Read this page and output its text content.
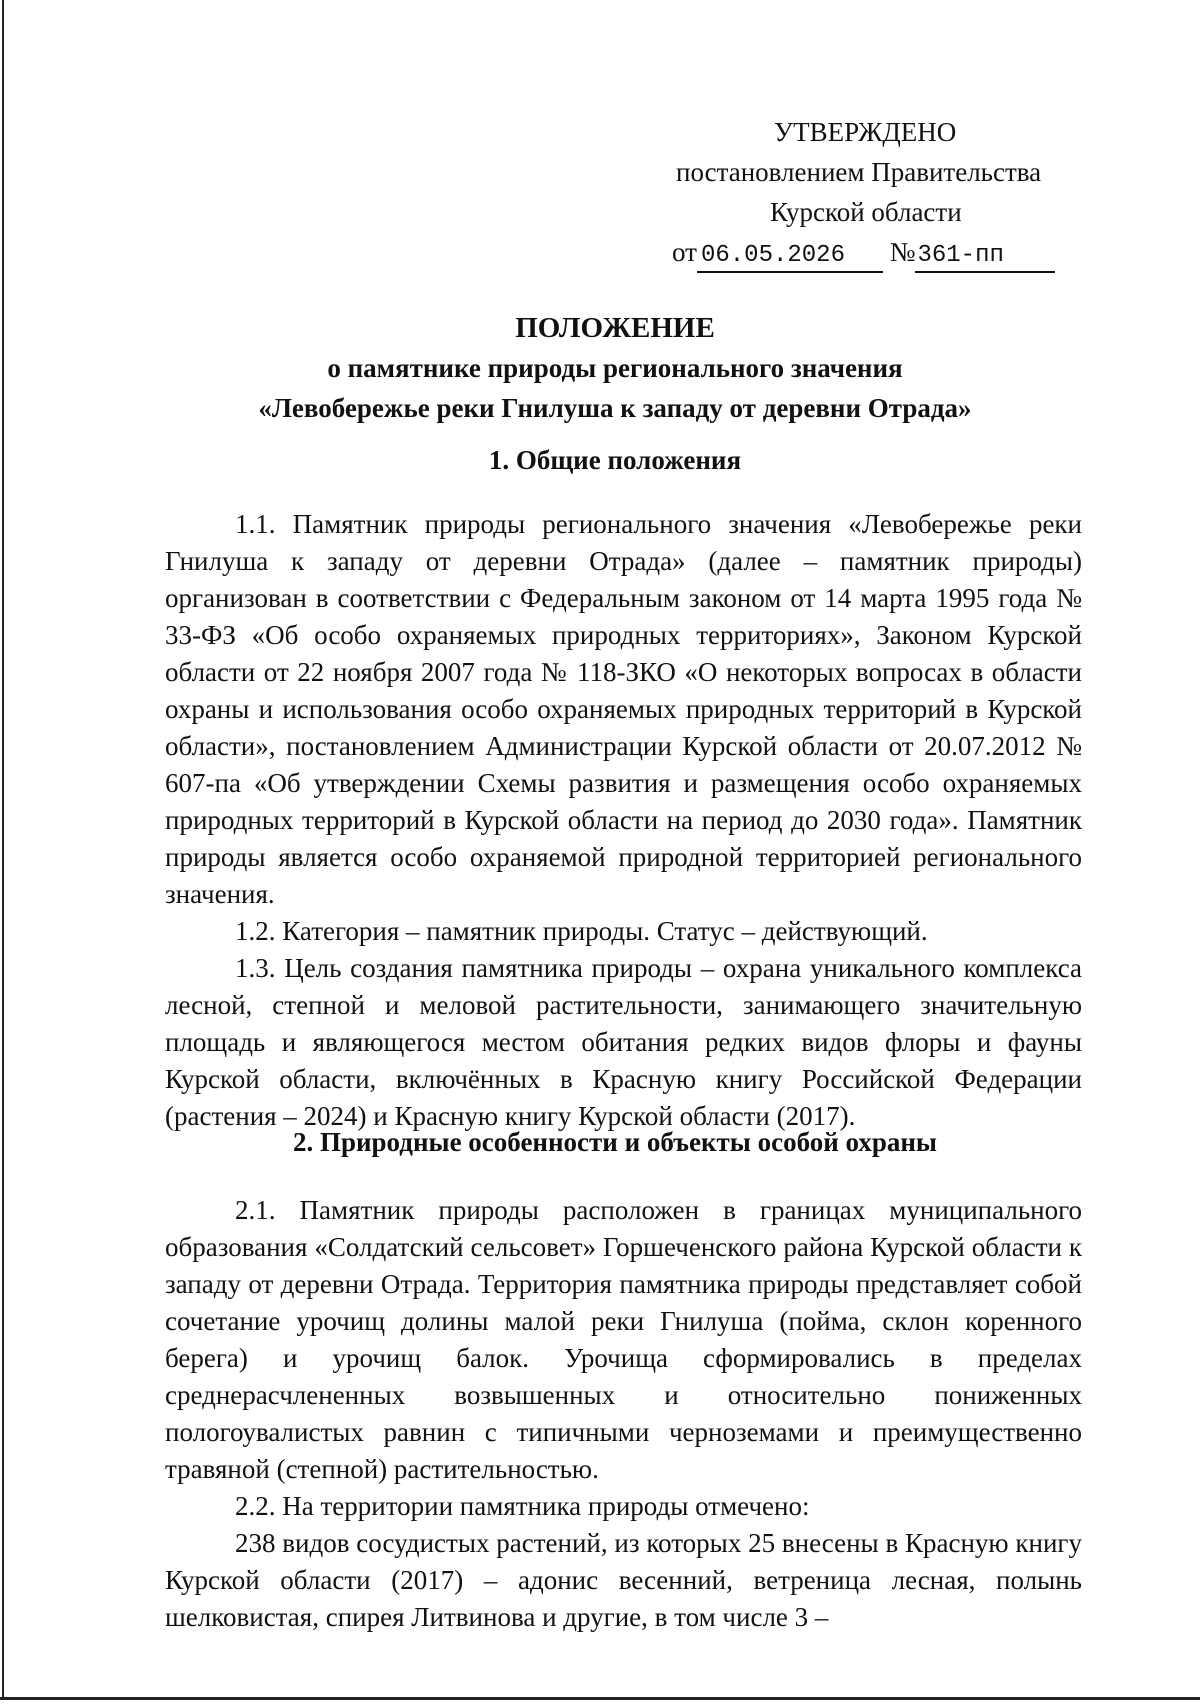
УТВЕРЖДЕНО
постановлением Правительства
Курской области
от 06.05.2026 №361-пп
ПОЛОЖЕНИЕ
о памятнике природы регионального значения
«Левобережье реки Гнилуша к западу от деревни Отрада»
1. Общие положения

1.1. Памятник природы регионального значения «Левобережье реки Гнилуша к западу от деревни Отрада» (далее – памятник природы) организован в соответствии с Федеральным законом от 14 марта 1995 года № 33-ФЗ «Об особо охраняемых природных территориях», Законом Курской области от 22 ноября 2007 года № 118-ЗКО «О некоторых вопросах в области охраны и использования особо охраняемых природных территорий в Курской области», постановлением Администрации Курской области от 20.07.2012 № 607-па «Об утверждении Схемы развития и размещения особо охраняемых природных территорий в Курской области на период до 2030 года». Памятник природы является особо охраняемой природной территорией регионального значения.

1.2. Категория – памятник природы. Статус – действующий.

1.3. Цель создания памятника природы – охрана уникального комплекса лесной, степной и меловой растительности, занимающего значительную площадь и являющегося местом обитания редких видов флоры и фауны Курской области, включённых в Красную книгу Российской Федерации (растения – 2024) и Красную книгу Курской области (2017).

2. Природные особенности и объекты особой охраны

2.1. Памятник природы расположен в границах муниципального образования «Солдатский сельсовет» Горшеченского района Курской области к западу от деревни Отрада. Территория памятника природы представляет собой сочетание урочищ долины малой реки Гнилуша (пойма, склон коренного берега) и урочищ балок. Урочища сформировались в пределах среднерасчлененных возвышенных и относительно пониженных пологоувалистых равнин с типичными черноземами и преимущественно травяной (степной) растительностью.

2.2. На территории памятника природы отмечено:

238 видов сосудистых растений, из которых 25 внесены в Красную книгу Курской области (2017) – адонис весенний, ветреница лесная, полынь шелковистая, спирея Литвинова и другие, в том числе 3 –
